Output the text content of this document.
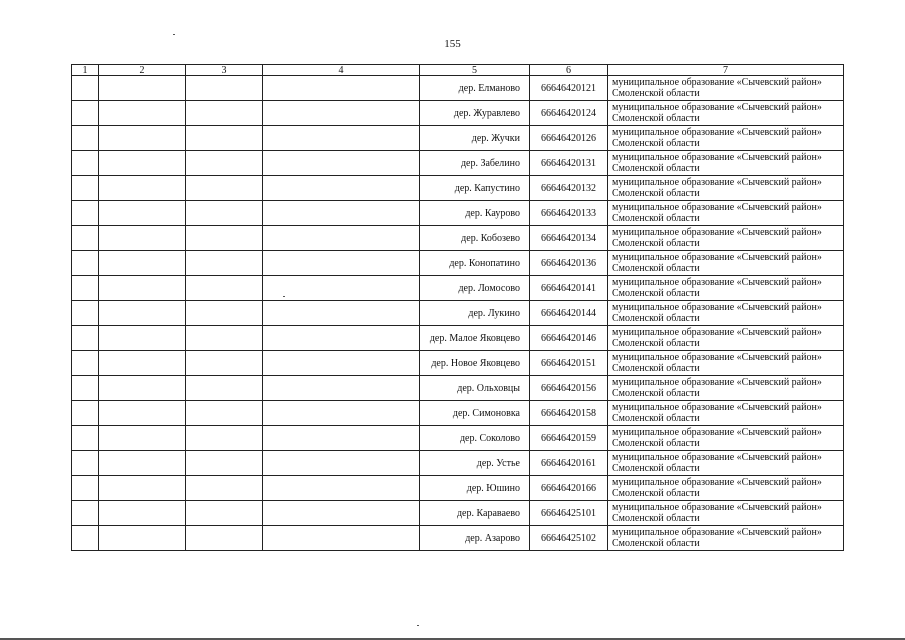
155
1	2	3	4	5	6	7
				дер. Елманово	66646420121	муниципальное образование «Сычевский район»
Смоленской области

				дер. Журавлево	66646420124	муниципальное образование «Сычевский район»
Смоленской области

				дер. Жучки	66646420126	муниципальное образование «Сычевский район»
Смоленской области

				дер. Забелино	66646420131	муниципальное образование «Сычевский район»
Смоленской области

				дер. Капустино	66646420132	муниципальное образование «Сычевский район»
Смоленской области

				дер. Каурово	66646420133	муниципальное образование «Сычевский район»
Смоленской области

				дер. Кобозево	66646420134	муниципальное образование «Сычевский район»
Смоленской области

				дер. Конопатино	66646420136	муниципальное образование «Сычевский район»
Смоленской области

				дер. Ломосово	66646420141	муниципальное образование «Сычевский район»
Смоленской области

				дер. Лукино	66646420144	муниципальное образование «Сычевский район»
Смоленской области

				дер. Малое Яковцево	66646420146	муниципальное образование «Сычевский район»
Смоленской области

				дер. Новое Яковцево	66646420151	муниципальное образование «Сычевский район»
Смоленской области

				дер. Ольховцы	66646420156	муниципальное образование «Сычевский район»
Смоленской области

				дер. Симоновка	66646420158	муниципальное образование «Сычевский район»
Смоленской области

				дер. Соколово	66646420159	муниципальное образование «Сычевский район»
Смоленской области

				дер. Устье	66646420161	муниципальное образование «Сычевский район»
Смоленской области

				дер. Юшино	66646420166	муниципальное образование «Сычевский район»
Смоленской области

				дер. Караваево	66646425101	муниципальное образование «Сычевский район»
Смоленской области

				дер. Азарово	66646425102	муниципальное образование «Сычевский район»
Смоленской области
